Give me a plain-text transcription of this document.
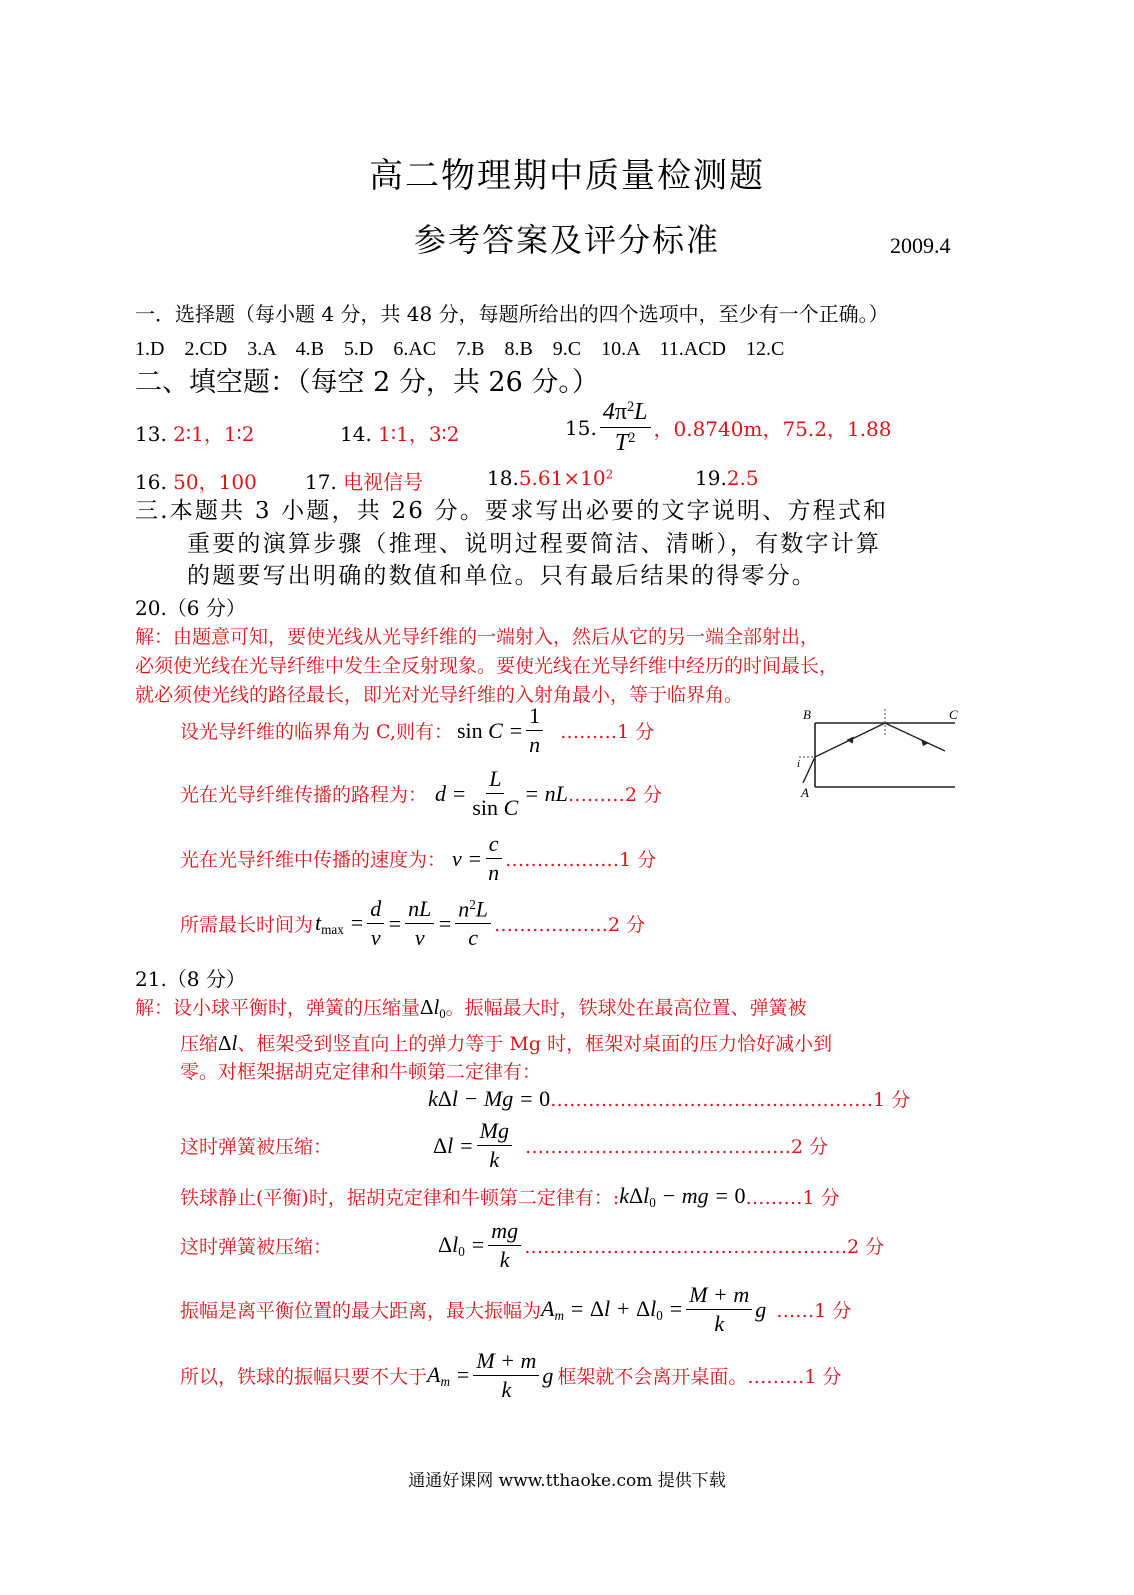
高二物理期中质量检测题
参考答案及评分标准	2009.4
一．选择题（每小题 4 分，共 48 分，每题所给出的四个选项中，至少有一个正确。）
1.D　2.CD　3.A　4.B　5.D　6.AC　7.B　8.B　9.C　10.A　11.ACD　12.C
二、填空题：（每空 2 分，共 26 分。）
13. 2∶1，1∶2	14. 1∶1，3∶2	15. $\frac{4\pi^2L}{T^2}$ ，0.8740m，75.2，1.88
16. 50，100 17. 电视信号	$18.5.61\times 10^2$	19.2.5
三.本题共 3 小题，共 26 分。要求写出必要的文字说明、方程式和
重要的演算步骤（推理、说明过程要简洁、清晰），有数字计算
的题要写出明确的数值和单位。只有最后结果的得零分。
20.（6 分）
解：由题意可知，要使光线从光导纤维的一端射入，然后从它的另一端全部射出，
必须使光线在光导纤维中发生全反射现象。要使光线在光导纤维中经历的时间最长，
就必须使光线的路径最长，即光对光导纤维的入射角最小，等于临界角。
设光导纤维的临界角为 C,则有： $\sin C = \frac{1}{n}$ ………1 分
光在光导纤维传播的路程为： $d = \frac{L}{\text{sin C}}$ = nL ………2 分
光在光导纤维中传播的速度为： $v = \frac{c}{n}$ ………………1 分
所需最长时间为 $t_{max} = \frac{d}{v} = \frac{nL}{v} = \frac{n^2L}{c}$ ………………2 分
B	C
A
i
21.（8 分）
解：设小球平衡时，弹簧的压缩量$\Delta l_0$。振幅最大时，铁球处在最高位置、弹簧被
压缩Δl、框架受到竖直向上的弹力等于 Mg 时，框架对桌面的压力恰好减小到
零。对框架据胡克定律和牛顿第二定律有：
kΔl − Mg = 0 ……………………………………………1 分
这时弹簧被压缩：	$\Delta l = \frac{Mg}{k}$ ……………………………………2 分
铁球静止(平衡)时，据胡克定律和牛顿第二定律有：: kΔl$_0$ − mg = 0 ………1 分
这时弹簧被压缩：	$\Delta l_0 = \frac{mg}{k}$ ……………………………………………2 分
振幅是离平衡位置的最大距离，最大振幅为 $A_m = \Delta l + \Delta l_0 = \frac{M + m}{k}$ g ……1 分
所以，铁球的振幅只要不大于 $A_m = \frac{M + m}{k}$ g 框架就不会离开桌面。………1 分
通通好课网 www.tthaoke.com 提供下载
